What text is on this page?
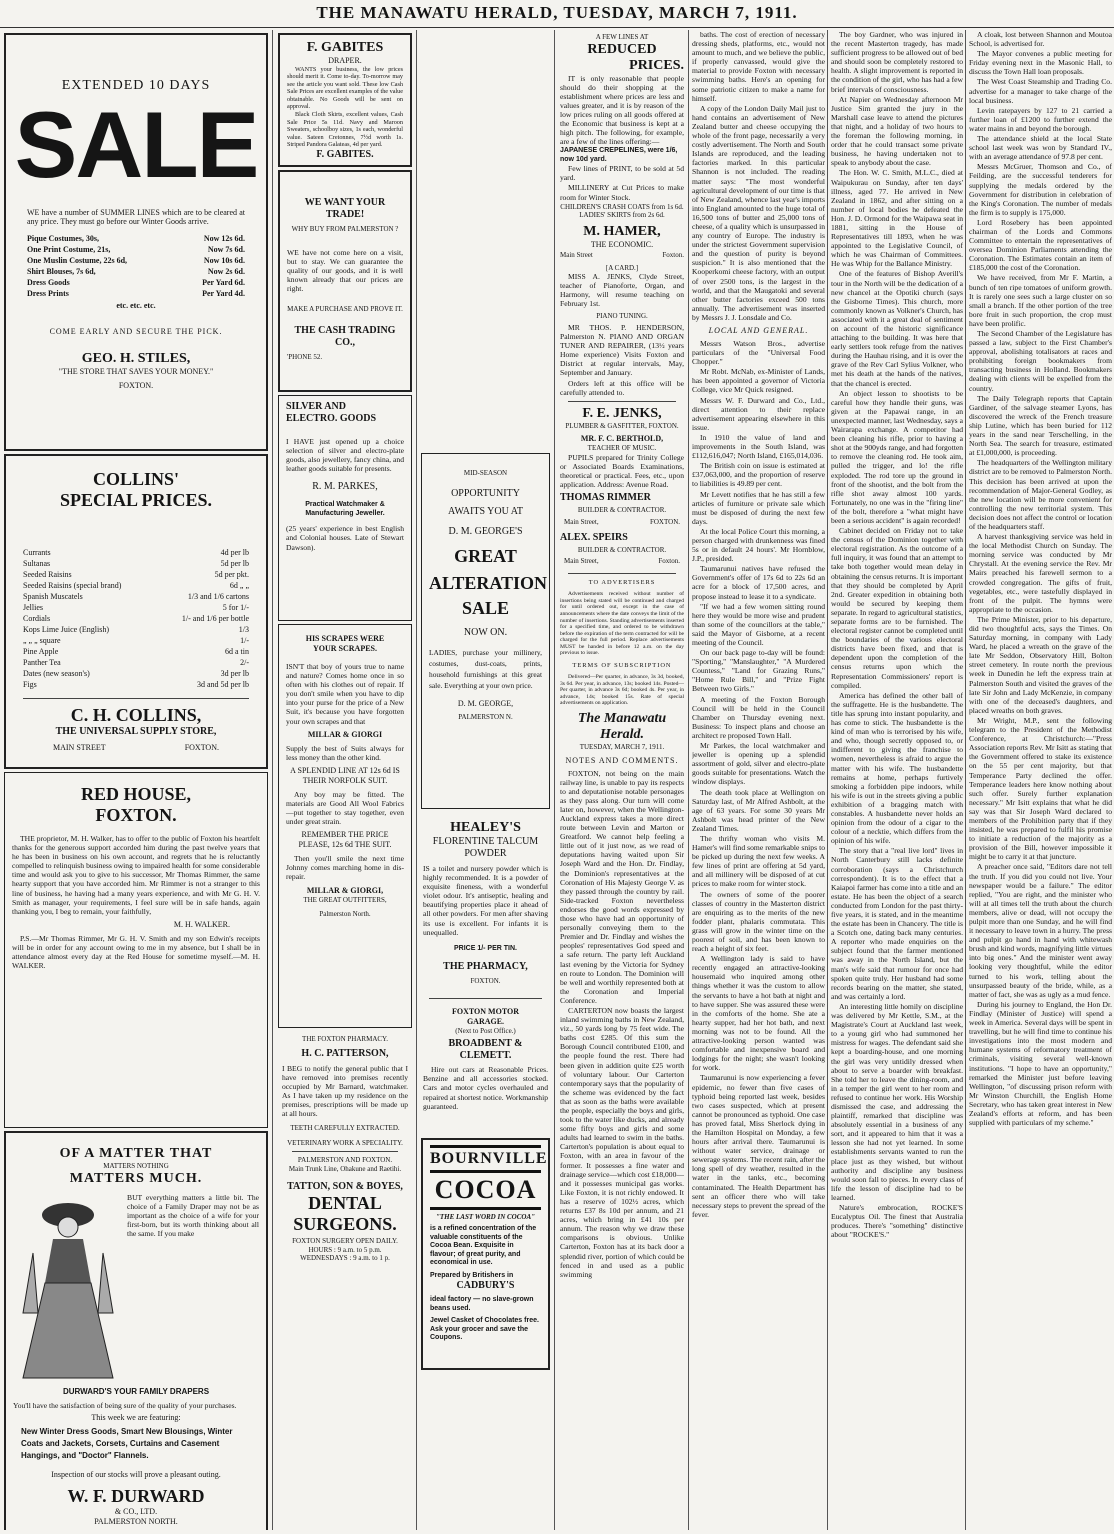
THE MANAWATU HERALD, TUESDAY, MARCH 7, 1911.
EXTENDED 10 DAYS
SALE
WE have a number of SUMMER LINES which are to be cleared at any price. They must go before our Winter Goods arrive.
Pique Costumes, 30s,	Now 12s 6d.
One Print Costume, 21s,	Now 7s 6d.
One Muslin Costume, 22s 6d,	Now 10s 6d.
Shirt Blouses, 7s 6d,	Now 2s 6d.
Dress Goods	Per Yard 6d.
Dress Prints	Per Yard 4d.
etc. etc. etc.
COME EARLY AND SECURE THE PICK.
GEO. H. STILES,
"THE STORE THAT SAVES YOUR MONEY."
FOXTON.
COLLINS'
SPECIAL PRICES.
Currants	4d per lb
Sultanas	5d per lb
Seeded Raisins	5d per pkt.
Seeded Raisins (special brand)	6d „ „
Spanish Muscatels	1/3 and 1/6 cartons
Jellies	5 for 1/-
Cordials	1/- and 1/6 per bottle
Kops Lime Juice (English)	1/3
„ „ „ square	1/-
Pine Apple	6d a tin
Panther Tea	2/-
Dates (new season's)	3d per lb
Figs	3d and 5d per lb
C. H. COLLINS,
THE UNIVERSAL SUPPLY STORE,
MAIN STREET	FOXTON.
RED HOUSE,
FOXTON.
THE proprietor, M. H. Walker, has to offer to the public of Foxton his heartfelt thanks for the generous support accorded him during the past twelve years that he has been in business on his own account, and regrets that he is reluctantly compelled to relinquish business owing to impaired health for some considerable time and would ask you to give to his successor, Mr Thomas Rimmer, the same hearty support that you have accorded him. Mr Rimmer is not a stranger to this line of business, he having had a many years experience, and with Mr G. H. V. Smith as manager, your requirements, I feel sure will be in safe hands, again thanking you, I beg to remain, your faithfully,
M. H. WALKER.
P.S.—Mr Thomas Rimmer, Mr G. H. V. Smith and my son Edwin's receipts will be in order for any account owing to me in my absence, but I shall be in attendance almost every day at the Red House for sometime myself.—M. H. WALKER.
OF A MATTER THAT
MATTERS NOTHING
MATTERS MUCH.
BUT everything matters a little bit. The choice of a Family Draper may not be as important as the choice of a wife for your first-born, but its worth thinking about all the same. If you make
DURWARD'S YOUR FAMILY DRAPERS
You'll have the satisfaction of being sure of the quality of your purchases.
This week we are featuring:
New Winter Dress Goods, Smart New Blousings, Winter Coats and Jackets, Corsets, Curtains and Casement Hangings, and "Doctor" Flannels.
Inspection of our stocks will prove a pleasant outing.
W. F. DURWARD
& CO., LTD.
PALMERSTON NORTH.
F. GABITES
DRAPER.
WANTS your business, the low prices should merit it. Come to-day. To-morrow may see the article you want sold. These low Cash Sale Prices are excellent examples of the value obtainable. No Goods will be sent on approval.
Black Cloth Skirts, excellent values, Cash Sale Price 5s 11d. Navy and Maroon Sweaters, schoolboy sizes, 1s each, wonderful value. Sateen Cretonnes, 7½d worth 1s. Striped Pandora Galateas, 4d per yard.
F. GABITES.
WE WANT YOUR TRADE!
WHY BUY FROM PALMERSTON ?
WE have not come here on a visit, but to stay. We can guarantee the quality of our goods, and it is well known already that our prices are right.
MAKE A PURCHASE AND PROVE IT.
THE CASH TRADING CO.,
'PHONE 52.
SILVER AND
ELECTRO. GOODS
I HAVE just opened up a choice selection of silver and electro-plate goods, also jewellery, fancy china, and leather goods suitable for presents.
R. M. PARKES,
Practical Watchmaker & Manufacturing Jeweller.
(25 years' experience in best English and Colonial houses. Late of Stewart Dawson).
HIS SCRAPES WERE
YOUR SCRAPES.
ISN'T that boy of yours true to name and nature? Comes home once in so often with his clothes out of repair. If you don't smile when you have to dip into your purse for the price of a New Suit, it's because you have forgotten your own scrapes and that
MILLAR & GIORGI
Supply the best of Suits always for less money than the other kind.
A SPLENDID LINE AT 12s 6d IS THEIR NORFOLK SUIT.
Any boy may be fitted. The materials are Good All Wool Fabrics—put together to stay together, even under great strain.
REMEMBER THE PRICE PLEASE, 12s 6d THE SUIT.
Then you'll smile the next time Johnny comes marching home in dis-repair.
MILLAR & GIORGI,
THE GREAT OUTFITTERS,
Palmerston North.
THE FOXTON PHARMACY.
H. C. PATTERSON,
I BEG to notify the general public that I have removed into premises recently occupied by Mr Barnard, watchmaker. As I have taken up my residence on the premises, prescriptions will be made up at all hours.
TEETH CAREFULLY EXTRACTED.
VETERINARY WORK A SPECIALITY.
PALMERSTON AND FOXTON.
Main Trunk Line, Ohakune and Raetihi.
TATTON, SON & BOYES,
DENTAL SURGEONS.
FOXTON SURGERY OPEN DAILY.
HOURS : 9 a.m. to 5 p.m.
WEDNESDAYS : 9 a.m. to 1 p.
MID-SEASON
OPPORTUNITY
AWAITS YOU AT
D. M. GEORGE'S
GREAT
ALTERATION
SALE
NOW ON.
LADIES, purchase your millinery, costumes, dust-coats, prints, household furnishings at this great sale. Everything at your own price.
D. M. GEORGE,
PALMERSTON N.
HEALEY'S
FLORENTINE TALCUM
POWDER
IS a toilet and nursery powder which is highly recommended. It is a powder of exquisite fineness, with a wonderful violet odour. It's antiseptic, healing and beautifying properties place it ahead of all other powders. For men after shaving its use is excellent. For infants it is unequalled.
PRICE 1/- PER TIN.
THE PHARMACY,
FOXTON.
FOXTON MOTOR
GARAGE.
(Next to Post Office.)
BROADBENT & CLEMETT.
Hire out cars at Reasonable Prices. Benzine and all accessories stocked. Cars and motor cycles overhauled and repaired at shortest notice. Workmanship guaranteed.
BOURNVILLE
COCOA
"THE LAST WORD IN COCOA"
is a refined concentration of the valuable constituents of the Cocoa Bean. Exquisite in flavour; of great purity, and economical in use.
Prepared by Britishers in
CADBURY'S
ideal factory — no slave-grown beans used.
Jewel Casket of Chocolates free. Ask your grocer and save the Coupons.
A FEW LINES AT
REDUCED
PRICES.
IT is only reasonable that people should do their shopping at the establishment where prices are less and values greater, and it is by reason of the low prices ruling on all goods offered at the Economic that business is kept at a high pitch. The following, for example, are a few of the lines offering:—
JAPANESE CREPELINES, were 1/6, now 10d yard.
Few lines of PRINT, to be sold at 5d yard.
MILLINERY at Cut Prices to make room for Winter Stock.
CHILDREN'S CRASH COATS from 1s 6d.
LADIES' SKIRTS from 2s 6d.
M. HAMER,
THE ECONOMIC.
Main Street	Foxton.
[A CARD.]
MISS A. JENKS, Clyde Street, teacher of Pianoforte, Organ, and Harmony, will resume teaching on February 1st.
PIANO TUNING.
MR THOS. P. HENDERSON, Palmerston N. PIANO AND ORGAN TUNER AND REPAIRER, (13½ years Home experience) Visits Foxton and District at regular intervals, May, September and January.
Orders left at this office will be carefully attended to.
F. E. JENKS,
PLUMBER & GASFITTER, FOXTON.
MR. F. C. BERTHOLD,
TEACHER OF MUSIC.
PUPILS prepared for Trinity College or Associated Boards Examinations, theoretical or practical. Fees, etc., upon application. Address: Avenue Road.
THOMAS RIMMER
BUILDER & CONTRACTOR.
Main Street,	FOXTON.
ALEX. SPEIRS
BUILDER & CONTRACTOR.
Main Street,	Foxton.
TO ADVERTISERS
Advertisements received without number of insertions being stated will be continued and charged for until ordered out, except in the case of announcements where the date conveys the limit of the number of insertions. Standing advertisements inserted for a specified time, and ordered to be withdrawn before the expiration of the term contracted for will be charged for the full period. Replace advertisements MUST be handed in before 12 a.m. on the day previous to issue.
TERMS OF SUBSCRIPTION
Delivered—Per quarter, in advance, 3s 3d, booked, 3s 6d. Per year, in advance, 13s; booked 14s. Posted—Per quarter, in advance 3s 6d; booked 4s. Per year, in advance, 14s; booked 15s. Rate of special advertisements on application.
The Manawatu Herald.
TUESDAY, MARCH 7, 1911.
NOTES AND COMMENTS.
FOXTON, not being on the main railway line, is unable to pay its respects to and deputationise notable personages as they pass along. Our turn will come later on, however, when the Wellington-Auckland express takes a more direct route between Levin and Marton or Greatford. We cannot help feeling a little out of it just now, as we read of deputations having waited upon Sir Joseph Ward and the Hon. Dr. Findlay, the Dominion's representatives at the Coronation of His Majesty George V. as they passed through the country by rail. Side-tracked Foxton nevertheless endorses the good words expressed by those who have had an opportunity of personally conveying them to the Premier and Dr. Findlay and wishes the peoples' representatives God speed and a safe return. The party left Auckland last evening by the Victoria for Sydney en route to London. The Dominion will be well and worthily represented both at the Coronation and Imperial Conference.
CARTERTON now boasts the largest inland swimming baths in New Zealand, viz., 50 yards long by 75 feet wide. The baths cost £285. Of this sum the Borough Council contributed £100, and the people found the rest. There had been given in addition quite £25 worth of voluntary labour. Our Carterton contemporary says that the popularity of the scheme was evidenced by the fact that as soon as the baths were available the people, especially the boys and girls, took to the water like ducks, and already some fifty boys and girls and some adults had learned to swim in the baths. Carterton's population is about equal to Foxton, with an area in favour of the former. It possesses a fine water and drainage service—which cost £18,000—and it possesses municipal gas works. Like Foxton, it is not richly endowed. It has a reserve of 102½ acres, which returns £37 8s 10d per annum, and 21 acres, which bring in £41 10s per annum. The reason why we draw these comparisons is obvious. Unlike Carterton, Foxton has at its back door a splendid river, portion of which could be fenced in and used as a public swimming
baths. The cost of erection of necessary dressing sheds, platforms, etc., would not amount to much, and we believe the public, if properly canvassed, would give the material to provide Foxton with necessary swimming baths. Here's an opening for some patriotic citizen to make a name for himself.
A copy of the London Daily Mail just to hand contains an advertisement of New Zealand butter and cheese occupying the whole of the front page, necessarily a very costly advertisement. The North and South Islands are reproduced, and the leading factories marked. In this particular Shannon is not included. The reading matter says: "The most wonderful agricultural development of our time is that of New Zealand, whence last year's imports into England amounted to the huge total of 16,500 tons of butter and 25,000 tons of cheese, of a quality which is unsurpassed in any country of Europe. The industry is under the strictest Government supervision and the question of purity is beyond suspicion." It is also mentioned that the Kooperkomi cheese factory, with an output of over 2500 tons, is the largest in the world, and that the Maugatoki and several other butter factories exceed 500 tons annually. The advertisement was inserted by Messrs J. J. Lonsdale and Co.
LOCAL AND GENERAL.
Messrs Watson Bros., advertise particulars of the "Universal Food Chopper."
Mr Robt. McNab, ex-Minister of Lands, has been appointed a governor of Victoria College, vice Mr Quick resigned.
Messrs W. F. Durward and Co., Ltd., direct attention to their replace advertisement appearing elsewhere in this issue.
In 1910 the value of land and improvements in the South Island, was £112,616,047; North Island, £165,014,036.
The British coin on issue is estimated at £37,063,000, and the proportion of reserve to liabilities is 49.89 per cent.
Mr Levett notifies that he has still a few articles of furniture or private sale which must be disposed of during the next few days.
At the local Police Court this morning, a person charged with drunkenness was fined 5s or in default 24 hours'. Mr Hornblow, J.P., presided.
Taumarunui natives have refused the Government's offer of 17s 6d to 22s 6d an acre for a block of 17,500 acres, and propose instead to lease it to a syndicate.
"If we had a few women sitting round here they would be more wise and prudent than some of the councillors at the table," said the Mayor of Gisborne, at a recent meeting of the Council.
On our back page to-day will be found: "Sporting," "Manslaughter," "A Murdered Countess," "Land for Grazing Runs," "Home Rule Bill," and "Prize Fight Between two Girls."
A meeting of the Foxton Borough Council will be held in the Council Chamber on Thursday evening next. Business: To inspect plans and choose an architect re proposed Town Hall.
Mr Parkes, the local watchmaker and jeweller is opening up a splendid assortment of gold, silver and electro-plate goods suitable for presentations. Watch the window displays.
The death took place at Wellington on Saturday last, of Mr Alfred Ashbolt, at the age of 63 years. For some 30 years Mr Ashbolt was head printer of the New Zealand Times.
The thrifty woman who visits M. Hamer's will find some remarkable snips to be picked up during the next few weeks. A few lines of print are offering at 5d yard, and all millinery will be disposed of at cut prices to make room for winter stock.
The owners of some of the poorer classes of country in the Masterton district are enquiring as to the merits of the new fodder plant, phalaris commutata. This grass will grow in the winter time on the poorest of soil, and has been known to reach a height of six feet.
A Wellington lady is said to have recently engaged an attractive-looking housemaid who inquired among other things whether it was the custom to allow the servants to have a hot bath at night and to have supper. She was assured these were in the comforts of the home. She ate a hearty supper, had her hot bath, and next morning was not to be found. All the attractive-looking person wanted was comfortable and inexpensive board and lodgings for the night; she wasn't looking for work.
Taumarunui is now experiencing a fever epidemic, no fewer than five cases of typhoid being reported last week, besides two cases suspected, which at present cannot be pronounced as typhoid. One case has proved fatal, Miss Sherlock dying in the Hamilton Hospital on Monday, a few hours after arrival there. Taumarunui is without water service, drainage or sewerage systems. The recent rain, after the long spell of dry weather, resulted in the water in the tanks, etc., becoming contaminated. The Health Department has sent an officer there who will take necessary steps to prevent the spread of the fever.
The boy Gardner, who was injured in the recent Masterton tragedy, has made sufficient progress to be allowed out of bed and should soon be completely restored to health. A slight improvement is reported in the condition of the girl, who has had a few brief intervals of consciousness.
At Napier on Wednesday afternoon Mr Justice Sim granted the jury in the Marshall case leave to attend the pictures that night, and a holiday of two hours to the foreman the following morning, in order that he could transact some private business, he having undertaken not to speak to anybody about the case.
The Hon. W. C. Smith, M.L.C., died at Waipukurau on Sunday, after ten days' illness, aged 77. He arrived in New Zealand in 1862, and after sitting on a number of local bodies he defeated the Hon. J. D. Ormond for the Waipawa seat in 1881, sitting in the House of Representatives till 1893, when he was appointed to the Legislative Council, of which he was Chairman of Committees. He was Whip for the Ballance Ministry.
One of the features of Bishop Averill's tour in the North will be the dedication of a new chancel at the Opotiki church (says the Gisborne Times). This church, more commonly known as Volkner's Church, has associated with it a great deal of sentiment on account of the historic significance attaching to the building. It was here that early settlers took refuge from the natives during the Hauhau rising, and it is over the grave of the Rev Carl Sylius Volkner, who met his death at the hands of the natives, that the chancel is erected.
An object lesson to shootists to be careful how they handle their guns, was given at the Papawai range, in an unexpected manner, last Wednesday, says a Wairarapa exchange. A competitor had been cleaning his rifle, prior to having a shot at the 900yds range, and had forgotten to remove the cleaning rod. He took aim, pulled the trigger, and lo! the rifle exploded. The rod tore up the ground in front of the shootist, and the bolt from the rifle shot away almost 100 yards. Fortunately, no one was in the "firing line" of the bolt, therefore a "what might have been a serious accident" is again recorded!
Cabinet decided on Friday not to take the census of the Dominion together with electoral registration. As the outcome of a full inquiry, it was found that an attempt to take both together would mean delay in obtaining the census returns. It is important that they should be completed by April 2nd. Greater expedition in obtaining both would be secured by keeping them separate. In regard to agricultural statistics, separate forms are to be furnished. The electoral register cannot be completed until the boundaries of the various electoral districts have been fixed, and that is dependent upon the completion of the census returns upon which the Representation Commissioners' report is compiled.
America has defined the other ball of the suffragette. He is the husbandette. The title has sprung into instant popularity, and has come to stick. The husbandette is the kind of man who is terrorised by his wife, and who, though secretly opposed to, or indifferent to giving the franchise to women, nevertheless is afraid to argue the matter with his wife. The husbandette remains at home, perhaps furtively smoking a forbidden pipe indoors, while his wife is out in the streets giving a public exhibition of a bragging match with constables. A husbandette never holds an opinion from the odour of a cigar to the colour of a necktie, which differs from the opinion of his wife.
The story that a "real live lord" lives in North Canterbury still lacks definite corroboration (says a Christchurch correspondent). It is to the effect that a Kaiapoi farmer has come into a title and an estate. He has been the object of a search conducted from London for the past thirty-five years, it is stated, and in the meantime the estate has been in Chancery. The title is a Scotch one, dating back many centuries. A reporter who made enquiries on the subject found that the farmer mentioned was away in the North Island, but the man's wife said that rumour for once had spoken quite truly. Her husband had some records bearing on the matter, she stated, and was certainly a lord.
An interesting little homily on discipline was delivered by Mr Kettle, S.M., at the Magistrate's Court at Auckland last week, to a young girl who had summoned her mistress for wages. The defendant said she kept a boarding-house, and one morning the girl was very untidily dressed when about to serve a boarder with breakfast. She told her to leave the dining-room, and in a temper the girl went to her room and refused to continue her work. His Worship dismissed the case, and addressing the plaintiff, remarked that discipline was absolutely essential in a business of any sort, and it appeared to him that it was a lesson she had not yet learned. In some establishments servants wanted to run the place just as they wished, but without authority and discipline any business would soon fall to pieces. In every class of life the lesson of discipline had to be learned.
Nature's embrocation, ROCKE'S Eucalyptus Oil. The finest that Australia produces. There's "something" distinctive about "ROCKE'S."
A cloak, lost between Shannon and Moutoa School, is advertised for.
The Mayor convenes a public meeting for Friday evening next in the Masonic Hall, to discuss the Town Hall loan proposals.
The West Coast Steamship and Trading Co. advertise for a manager to take charge of the local business.
Levin ratepayers by 127 to 21 carried a further loan of £1200 to further extend the water mains in and beyond the borough.
The attendance shield at the local State school last week was won by Standard IV., with an average attendance of 97.8 per cent.
Messrs McGruer, Thomson and Co., of Feilding, are the successful tenderers for supplying the medals ordered by the Government for distribution in celebration of the King's Coronation. The number of medals the firm is to supply is 175,000.
Lord Rosebery has been appointed chairman of the Lords and Commons Committee to entertain the representatives of oversea Dominion Parliaments attending the Coronation. The Estimates contain an item of £185,000 the cost of the Coronation.
We have received, from Mr F. Martin, a bunch of ten ripe tomatoes of uniform growth. It is rarely one sees such a large cluster on so small a branch. If the other portion of the tree bore fruit in such proportion, the crop must have been prolific.
The Second Chamber of the Legislature has passed a law, subject to the First Chamber's approval, abolishing totalisators at races and prohibiting foreign bookmakers from transacting business in Holland. Bookmakers dealing with clients will be expelled from the country.
The Daily Telegraph reports that Captain Gardiner, of the salvage steamer Lyons, has discovered the wreck of the French treasure ship Lutine, which has been buried for 112 years in the sand near Terschelling, in the North Sea. The search for treasure, estimated at £1,000,000, is proceeding.
The headquarters of the Wellington military district are to be removed to Palmerston North. This decision has been arrived at upon the recommendation of Major-General Godley, as the new location will be more convenient for controlling the new territorial system. This decision does not affect the control or location of the headquarters staff.
A harvest thanksgiving service was held in the local Methodist Church on Sunday. The morning service was conducted by Mr Chrystall. At the evening service the Rev. Mr Mairs preached his farewell sermon to a crowded congregation. The gifts of fruit, vegetables, etc., were tastefully displayed in front of the pulpit. The hymns were appropriate to the occasion.
The Prime Minister, prior to his departure, did two thoughtful acts, says the Times. On Saturday morning, in company with Lady Ward, he placed a wreath on the grave of the late Mr Seddon, Observatory Hill, Bolton street cemetery. In route north the previous week in Dunedin he left the express train at Palmerston South and visited the graves of the late Sir John and Lady McKenzie, in company with one of the deceased's daughters, and placed wreaths on both graves.
Mr Wright, M.P., sent the following telegram to the President of the Methodist Conference, at Christchurch:—"Press Association reports Rev. Mr Isitt as stating that the Government offered to stake its existence on the 55 per cent majority, but that Temperance Party declined the offer. Temperance leaders here know nothing about such offer. Surely further explanation necessary." Mr Isitt explains that what he did say was that Sir Joseph Ward declared to members of the Prohibition party that if they insisted, he was prepared to fulfil his promise to initiate a reduction of the majority as a provision of the Bill, however impossible it might be to carry it at that juncture.
A preacher once said, "Editors dare not tell the truth. If you did you could not live. Your newspaper would be a failure." The editor replied, "You are right, and the minister who will at all times tell the truth about the church members, alive or dead, will not occupy the pulpit more than one Sunday, and he will find it necessary to leave town in a hurry. The press and pulpit go hand in hand with whitewash brush and kind words, magnifying little virtues into big ones." And the minister went away looking very thoughtful, while the editor turned to his work, telling about the unsurpassed beauty of the bride, while, as a matter of fact, she was as ugly as a mud fence.
During his journey to England, the Hon Dr. Findlay (Minister of Justice) will spend a week in America. Several days will be spent in travelling, but he will find time to continue his investigations into the most modern and humane systems of reformatory treatment of criminals, visiting several well-known institutions. "I hope to have an opportunity," remarked the Minister just before leaving Wellington, "of discussing prison reform with Mr Winston Churchill, the English Home Secretary, who has taken great interest in New Zealand's efforts at reform, and has been supplied with particulars of my scheme."
